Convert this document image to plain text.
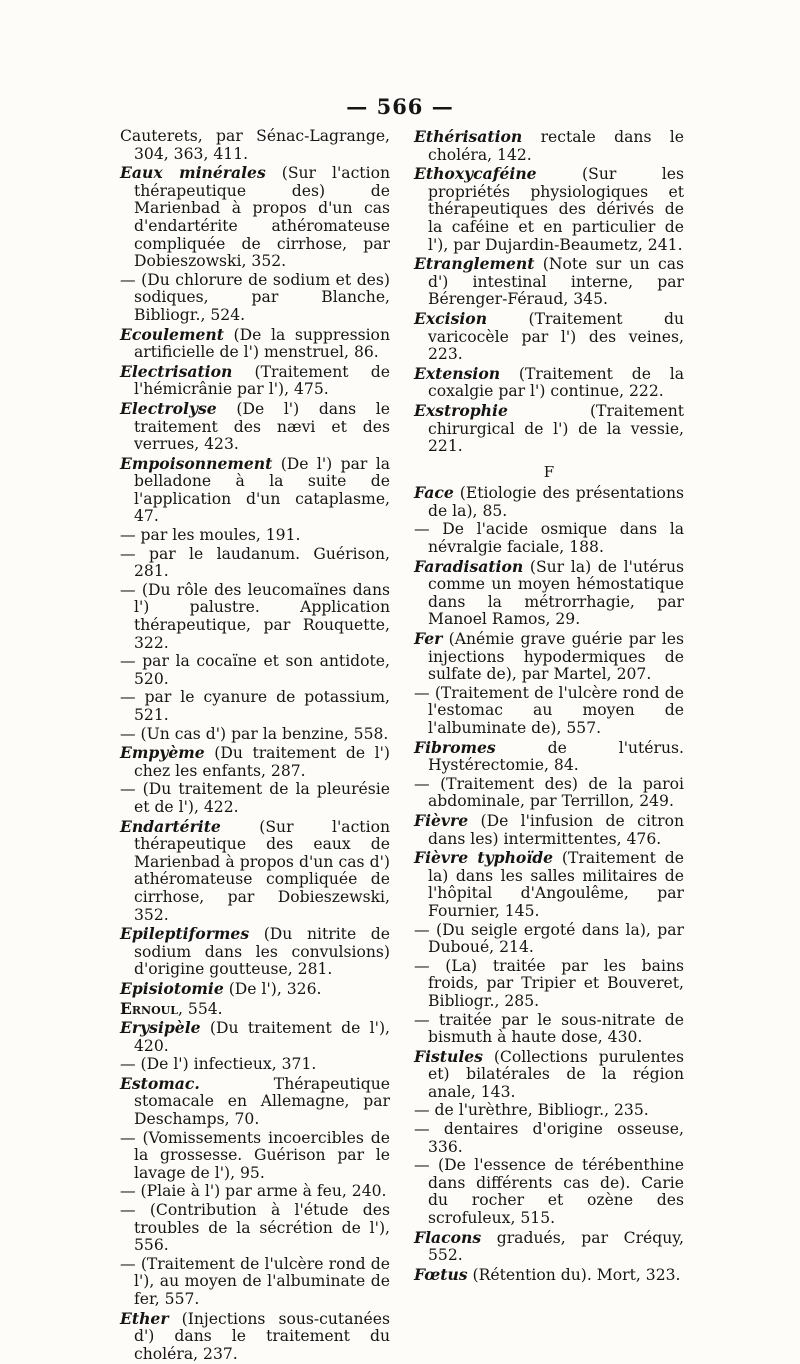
— 566 —

Cauterets, par Sénac-Lagrange, 304, 363, 411.

Eaux minérales (Sur l'action thérapeutique des) de Marienbad à propos d'un cas d'endartérite athéromateuse compliquée de cirrhose, par Dobieszowski, 352.

— (Du chlorure de sodium et des) sodiques, par Blanche, Bibliogr., 524.

Ecoulement (De la suppression artificielle de l') menstruel, 86.

Electrisation (Traitement de l'hémicrânie par l'), 475.

Electrolyse (De l') dans le traitement des nævi et des verrues, 423.

Empoisonnement (De l') par la belladone à la suite de l'application d'un cataplasme, 47.

— par les moules, 191.

— par le laudanum. Guérison, 281.

— (Du rôle des leucomaïnes dans l') palustre. Application thérapeutique, par Rouquette, 322.

— par la cocaïne et son antidote, 520.

— par le cyanure de potassium, 521.

— (Un cas d') par la benzine, 558.

Empyème (Du traitement de l') chez les enfants, 287.

— (Du traitement de la pleurésie et de l'), 422.

Endartérite (Sur l'action thérapeutique des eaux de Marienbad à propos d'un cas d') athéromateuse compliquée de cirrhose, par Dobieszewski, 352.

Epileptiformes (Du nitrite de sodium dans les convulsions) d'origine goutteuse, 281.

Episiotomie (De l'), 326.

Ernoul, 554.

Erysipèle (Du traitement de l'), 420.

— (De l') infectieux, 371.

Estomac. Thérapeutique stomacale en Allemagne, par Deschamps, 70.

— (Vomissements incoercibles de la grossesse. Guérison par le lavage de l'), 95.

— (Plaie à l') par arme à feu, 240.

— (Contribution à l'étude des troubles de la sécrétion de l'), 556.

— (Traitement de l'ulcère rond de l'), au moyen de l'albuminate de fer, 557.

Ether (Injections sous-cutanées d') dans le traitement du choléra, 237.

Ethérisation rectale dans le choléra, 142.

Ethoxycaféine (Sur les propriétés physiologiques et thérapeutiques des dérivés de la caféine et en particulier de l'), par Dujardin-Beaumetz, 241.

Etranglement (Note sur un cas d') intestinal interne, par Bérenger-Féraud, 345.

Excision (Traitement du varicocèle par l') des veines, 223.

Extension (Traitement de la coxalgie par l') continue, 222.

Exstrophie (Traitement chirurgical de l') de la vessie, 221.

F

Face (Etiologie des présentations de la), 85.

— De l'acide osmique dans la névralgie faciale, 188.

Faradisation (Sur la) de l'utérus comme un moyen hémostatique dans la métrorrhagie, par Manoel Ramos, 29.

Fer (Anémie grave guérie par les injections hypodermiques de sulfate de), par Martel, 207.

— (Traitement de l'ulcère rond de l'estomac au moyen de l'albuminate de), 557.

Fibromes de l'utérus. Hystérectomie, 84.

— (Traitement des) de la paroi abdominale, par Terrillon, 249.

Fièvre (De l'infusion de citron dans les) intermittentes, 476.

Fièvre typhoïde (Traitement de la) dans les salles militaires de l'hôpital d'Angoulême, par Fournier, 145.

— (Du seigle ergoté dans la), par Duboué, 214.

— (La) traitée par les bains froids, par Tripier et Bouveret, Bibliogr., 285.

— traitée par le sous-nitrate de bismuth à haute dose, 430.

Fistules (Collections purulentes et) bilatérales de la région anale, 143.

— de l'urèthre, Bibliogr., 235.

— dentaires d'origine osseuse, 336.

— (De l'essence de térébenthine dans différents cas de). Carie du rocher et ozène des scrofuleux, 515.

Flacons gradués, par Créquy, 552.

Fœtus (Rétention du). Mort, 323.
